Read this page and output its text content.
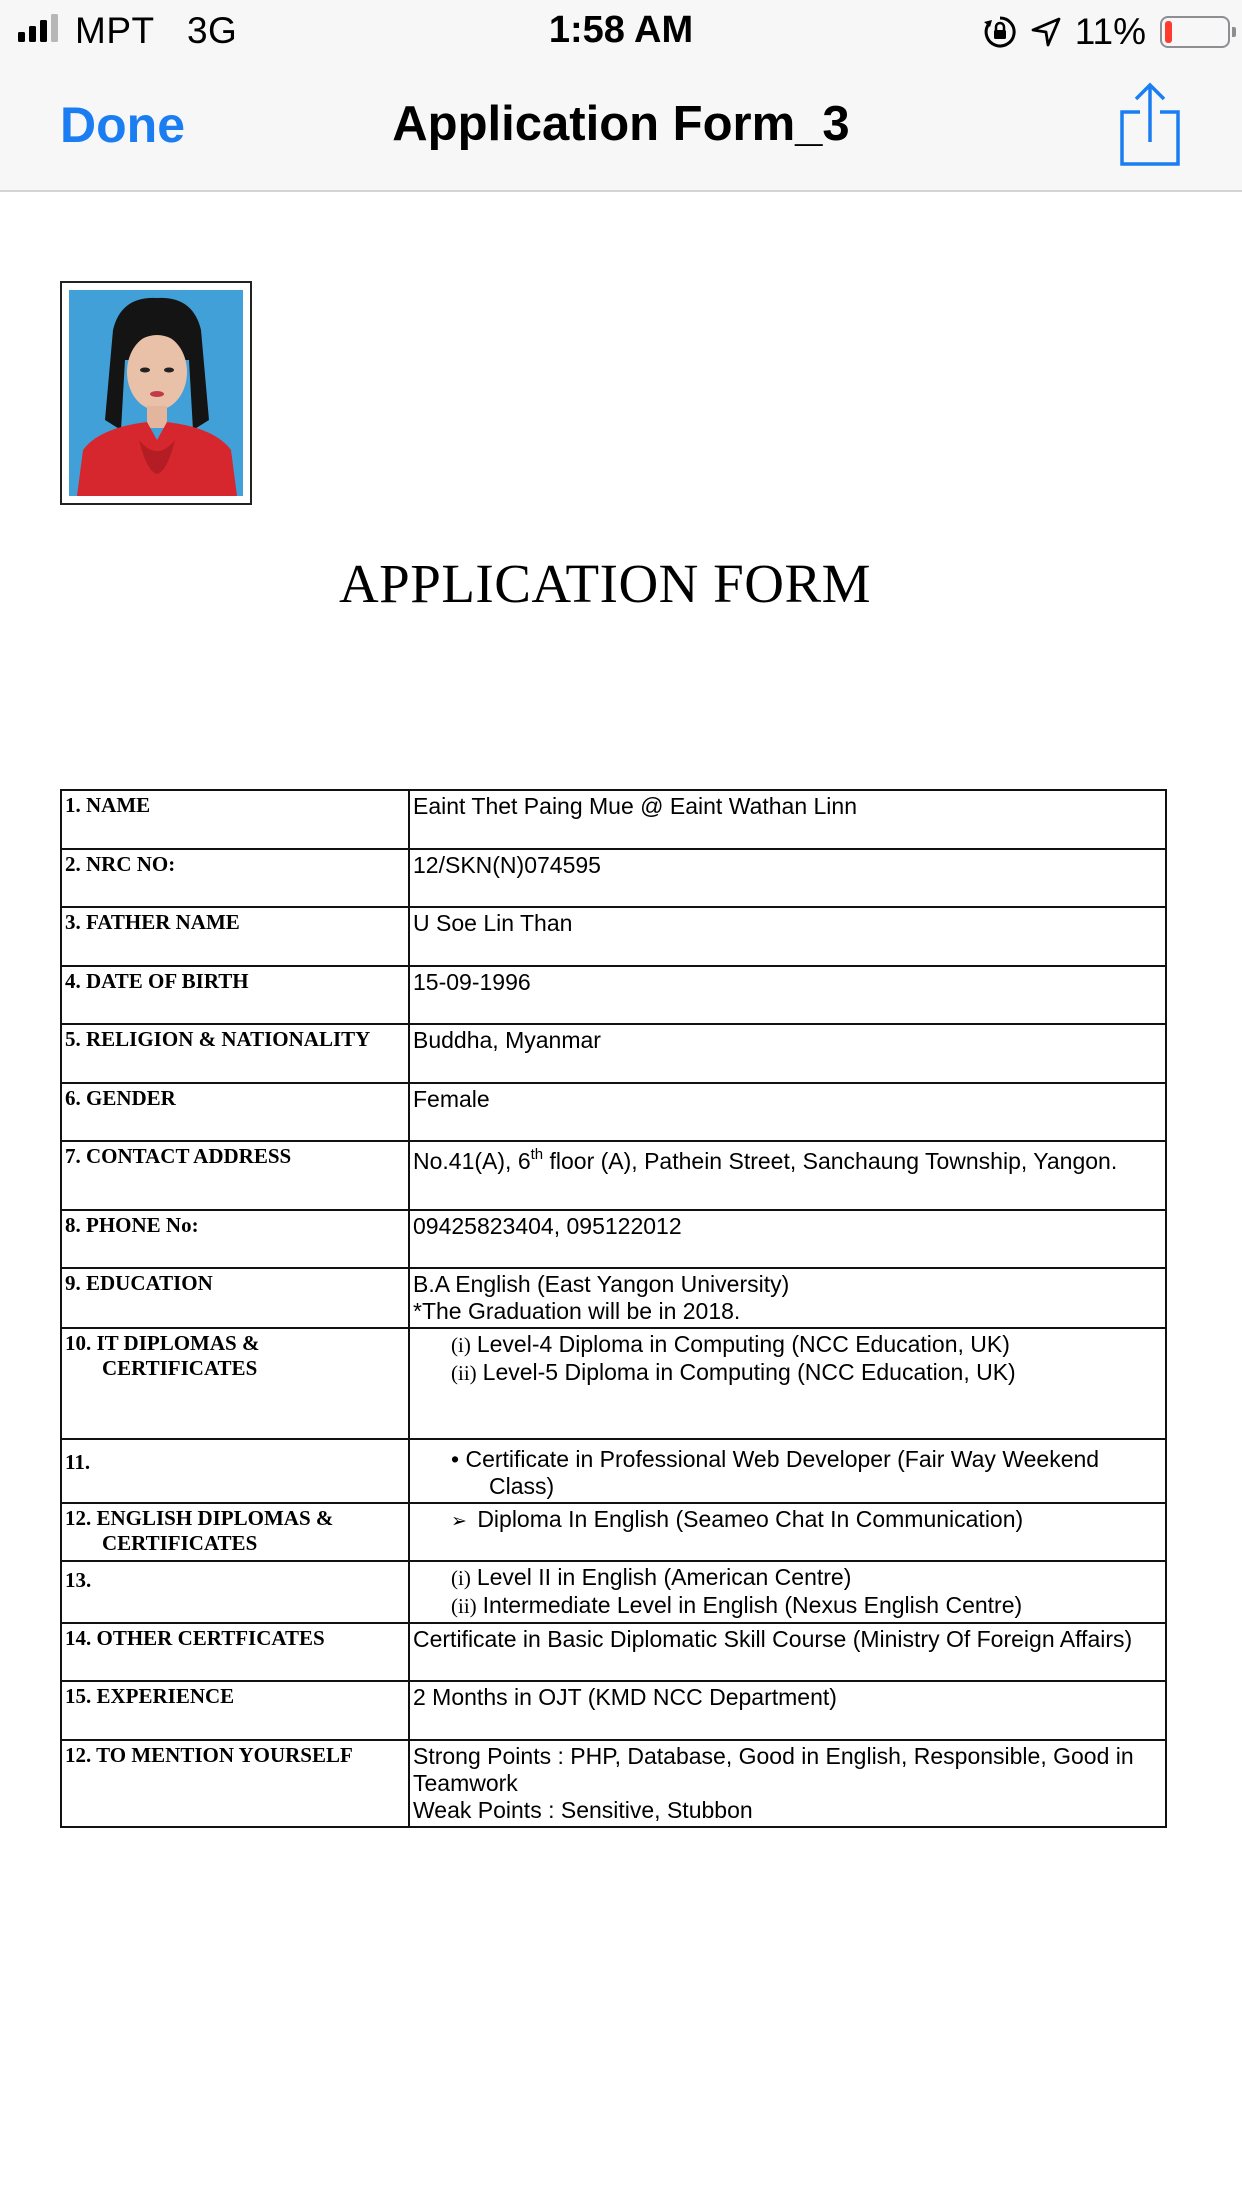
MPT 3G	1:58 AM	11%
Done	Application Form_3
APPLICATION FORM
1. NAME	Eaint Thet Paing Mue @ Eaint Wathan Linn
2. NRC NO:	12/SKN(N)074595
3. FATHER NAME	U Soe Lin Than
4. DATE OF BIRTH	15-09-1996
5. RELIGION & NATIONALITY	Buddha, Myanmar
6. GENDER	Female
7. CONTACT ADDRESS	No.41(A), 6th floor (A), Pathein Street, Sanchaung Township, Yangon.
8. PHONE No:	09425823404, 095122012
9. EDUCATION	B.A English (East Yangon University)
*The Graduation will be in 2018.

10. IT DIPLOMAS &
CERTIFICATES	(i) Level-4 Diploma in Computing (NCC Education, UK)
(ii) Level-5 Diploma in Computing (NCC Education, UK)

11.	• Certificate in Professional Web Developer (Fair Way Weekend
Class)

12. ENGLISH DIPLOMAS &
CERTIFICATES	➢ Diploma In English (Seameo Chat In Communication)

13.	(i) Level II in English (American Centre)
(ii) Intermediate Level in English (Nexus English Centre)

14. OTHER CERTFICATES	Certificate in Basic Diplomatic Skill Course (Ministry Of Foreign Affairs)
15. EXPERIENCE	2 Months in OJT (KMD NCC Department)
12. TO MENTION YOURSELF	Strong Points : PHP, Database, Good in English, Responsible, Good in Teamwork
Weak Points : Sensitive, Stubbon
